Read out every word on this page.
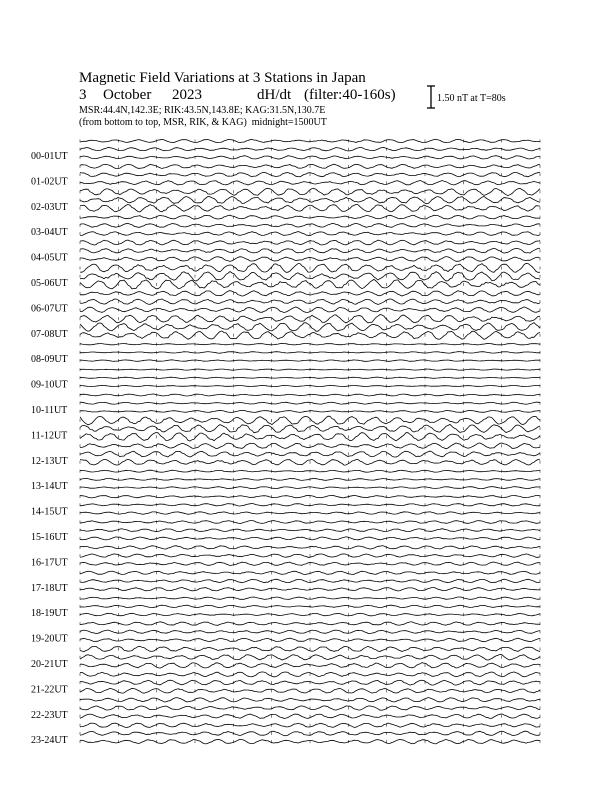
Magnetic Field Variations at 3 Stations in Japan
3 October 2023	dH/dt (filter:40-160s)
MSR:44.4N,142.3E; RIK:43.5N,143.8E; KAG:31.5N,130.7E
(from bottom to top, MSR, RIK, & KAG) midnight=1500UT
1.50 nT at T=80s
00-01UT
01-02UT
02-03UT
03-04UT
04-05UT
05-06UT
06-07UT
07-08UT
08-09UT
09-10UT
10-11UT
11-12UT
12-13UT
13-14UT
14-15UT
15-16UT
16-17UT
17-18UT
18-19UT
19-20UT
20-21UT
21-22UT
22-23UT
23-24UT
